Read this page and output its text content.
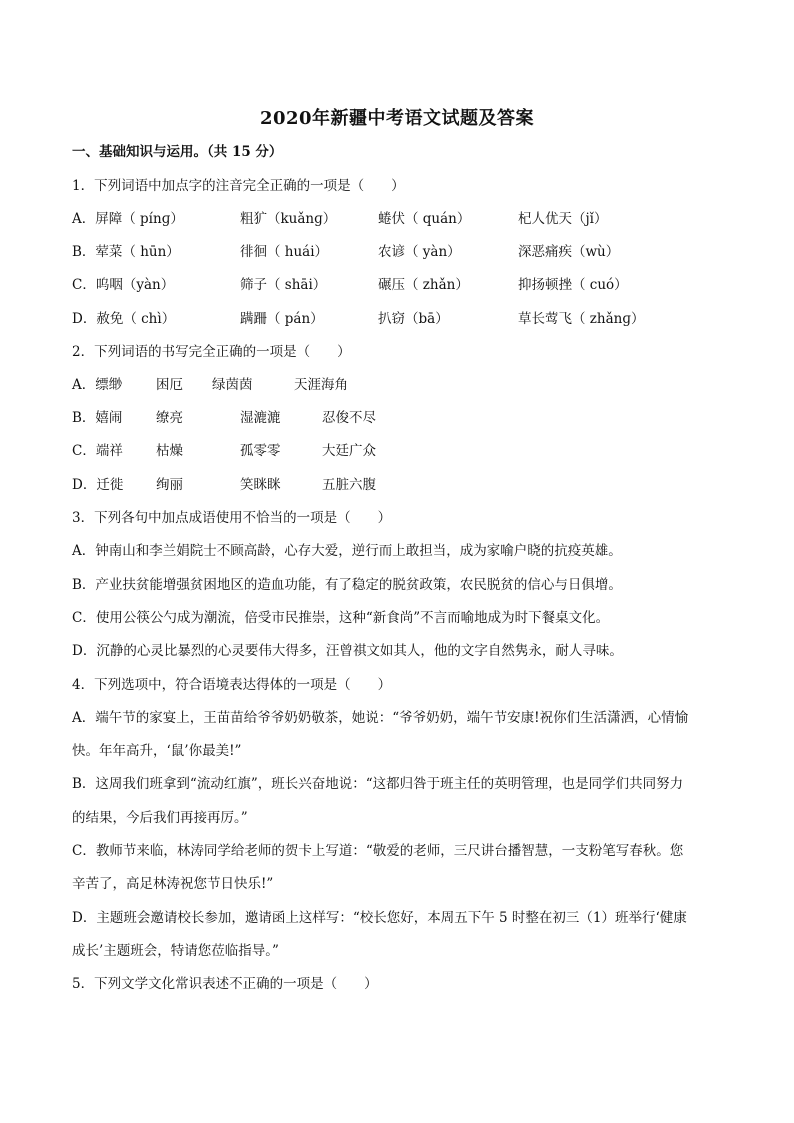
2020年新疆中考语文试题及答案
一、基础知识与运用。（共 15 分）
1．下列词语中加点字的注音完全正确的一项是（　　）
A．屏障（ pínɡ）	粗犷（kuǎnɡ）	蜷伏（ quán）	杞人优天（jǐ）
B．荤菜（ hūn）	徘徊（ huái）	农谚（ yàn）	深恶痛疾（wù）
C．呜咽（yàn）	筛子（ shāi）	碾压（ zhǎn）	抑扬顿挫（ cuó）
D．赦免（ chì）	蹒跚（ pán）	扒窃（bā）	草长莺飞（ zhǎnɡ）
2．下列词语的书写完全正确的一项是（　　）
A．缥缈	困厄 绿茵茵	天涯海角
B．嬉闹 缭亮	湿漉漉	忍俊不尽
C．端祥 枯燥	孤零零	大廷广众
D．迁徙 绚丽	笑眯眯	五脏六腹
3．下列各句中加点成语使用不恰当的一项是（　　）
A．钟南山和李兰娟院士不顾高龄，心存大爱，逆行而上敢担当，成为家喻户晓的抗疫英雄。
B．产业扶贫能增强贫困地区的造血功能，有了稳定的脱贫政策，农民脱贫的信心与日俱增。
C．使用公筷公勺成为潮流，倍受市民推崇，这种“新食尚”不言而喻地成为时下餐桌文化。
D．沉静的心灵比暴烈的心灵要伟大得多，汪曾祺文如其人，他的文字自然隽永，耐人寻味。
4．下列选项中，符合语境表达得体的一项是（　　）
A．端午节的家宴上，王苗苗给爷爷奶奶敬茶，她说：“爷爷奶奶，端午节安康!祝你们生活潇洒，心情愉
快。年年高升，‘鼠’你最美!”
B．这周我们班拿到“流动红旗”，班长兴奋地说：“这都归咎于班主任的英明管理，也是同学们共同努力
的结果，今后我们再接再厉。”
C．教师节来临，林涛同学给老师的贺卡上写道：“敬爱的老师，三尺讲台播智慧，一支粉笔写春秋。您
辛苦了，高足林涛祝您节日快乐!”
D．主题班会邀请校长参加，邀请函上这样写：“校长您好，本周五下午 5 时整在初三（1）班举行‘健康
成长’主题班会，特请您莅临指导。”
5．下列文学文化常识表述不正确的一项是（　　）
